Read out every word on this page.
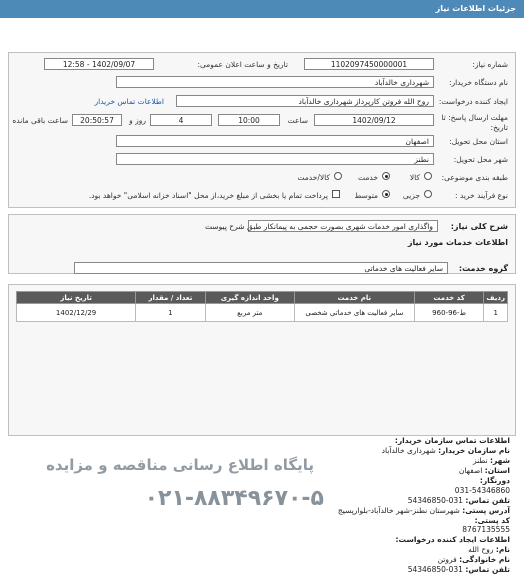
جزئیات اطلاعات نیاز
شماره نیاز:
1102097450000001
تاریخ و ساعت اعلان عمومی:
1402/09/07 - 12:58
نام دستگاه خریدار:
شهرداری خالدآباد
ایجاد کننده درخواست:
روح الله فروتن کارپرداز شهرداری خالدآباد
اطلاعات تماس خریدار
مهلت ارسال پاسخ: تا
تاریخ:
1402/09/12
ساعت
10:00
4
روز و
20:50:57
ساعت باقی مانده
استان محل تحویل:
اصفهان
شهر محل تحویل:
نطنز
طبقه بندی موضوعی:
کالا
خدمت
کالا/خدمت
نوع فرآیند خرید :
جزیی
متوسط
پرداخت تمام یا بخشی از مبلغ خرید،از محل "اسناد خزانه اسلامی" خواهد بود.
شرح کلی نیاز:
واگذاری امور خدمات شهری بصورت حجمی به پیمانکار طبق شرح پیوست
اطلاعات خدمات مورد نیاز
گروه خدمت:
سایر فعالیت های خدماتی
ردیف	کد خدمت	نام خدمت	واحد اندازه گیری	تعداد / مقدار	تاریخ نیاز
1	ط-96-960	سایر فعالیت های خدماتی شخصی	متر مربع	1	1402/12/29
اطلاعات تماس سازمان خریدار:
نام سازمان خریدار: شهرداری خالدآباد
شهر: نطنز
استان: اصفهان
دورنگار:
031-54346860
تلفن تماس: 031-54346850
آدرس پستی: شهرستان نطنز-شهر خالدآباد-بلوارپسیج
کد پستی:
8767135555
اطلاعات ایجاد کننده درخواست:
نام: روح الله
نام خانوادگی: فروتن
تلفن تماس: 031-54346850
پایگاه اطلاع رسانی مناقصه و مزایده
۰۲۱-۸۸۳۴۹۶۷۰-۵
